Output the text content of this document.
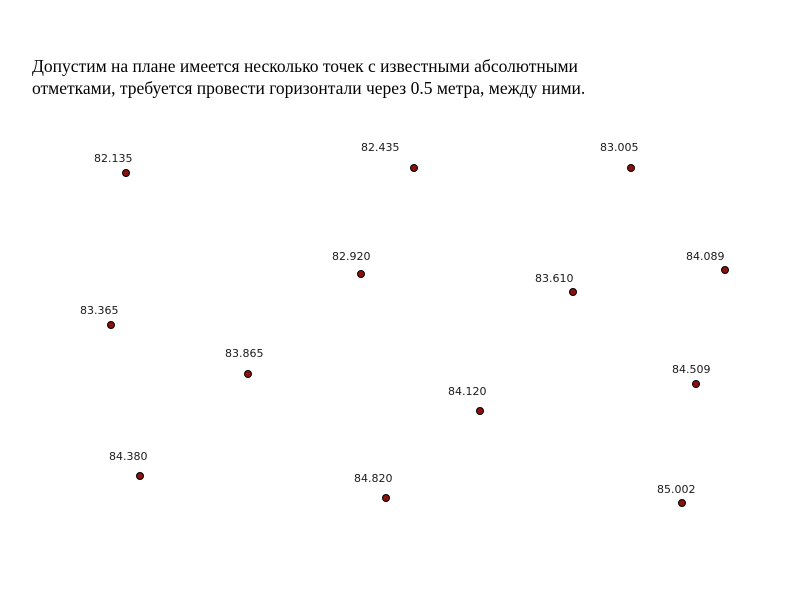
Допустим на плане имеется несколько точек с известными абсолютными
отметками, требуется провести горизонтали через 0.5 метра, между ними.

82.135
82.435	83.005
82.920	84.089
83.610
83.365
83.865
84.509
84.120
84.380
84.820
85.002
